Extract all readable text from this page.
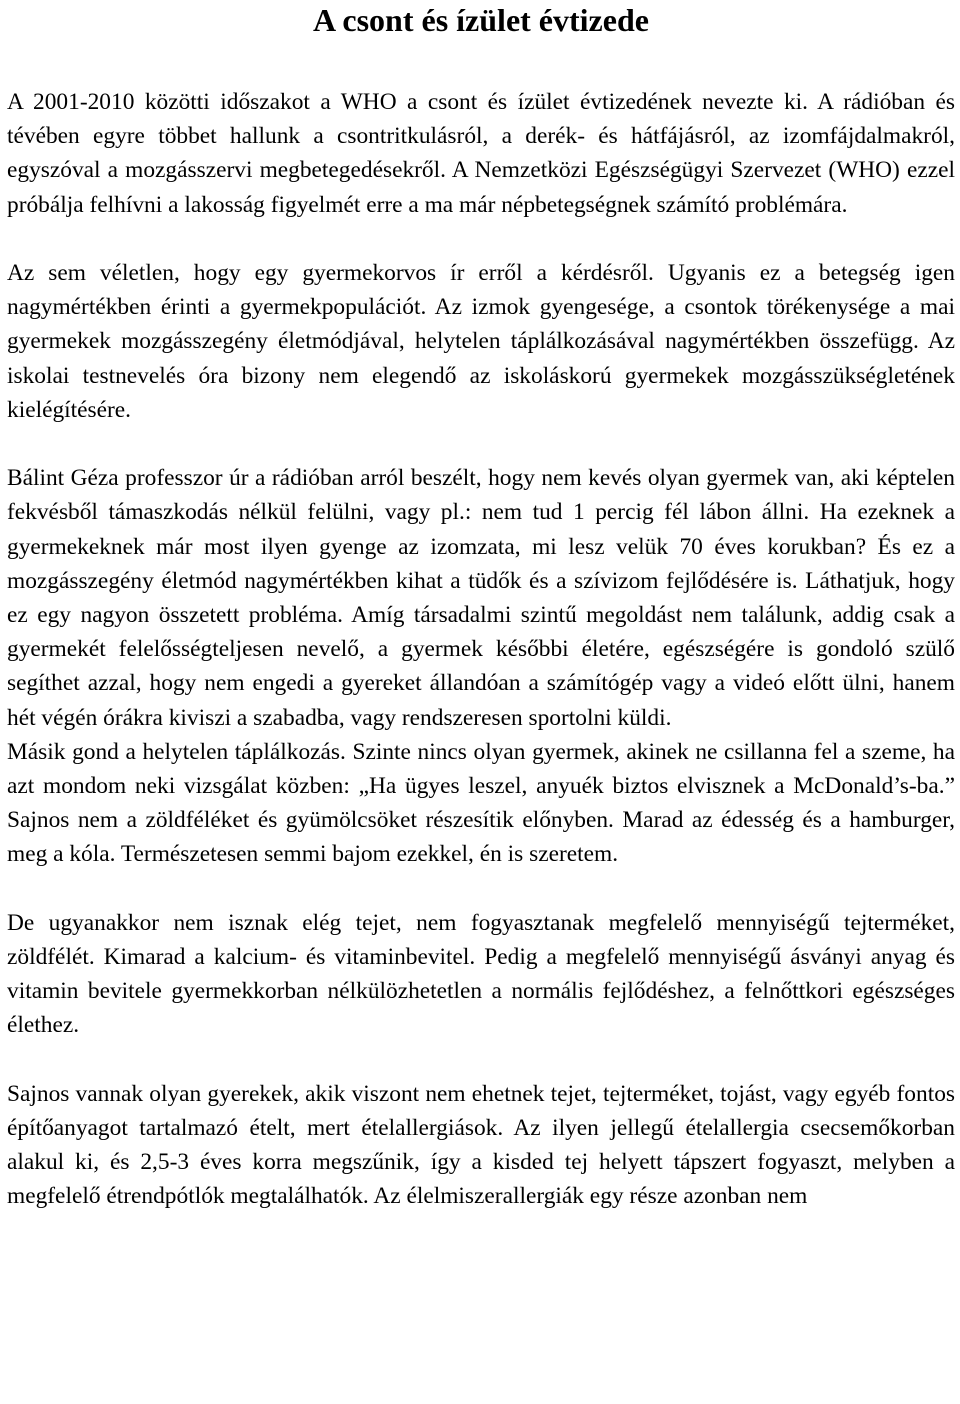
A csont és ízület évtizede

A 2001-2010 közötti időszakot a WHO a csont és ízület évtizedének nevezte ki. A rádióban és tévében egyre többet hallunk a csontritkulásról, a derék- és hátfájásról, az izomfájdalmakról, egyszóval a mozgásszervi megbetegedésekről. A Nemzetközi Egészségügyi Szervezet (WHO) ezzel próbálja felhívni a lakosság figyelmét erre a ma már népbetegségnek számító problémára.

Az sem véletlen, hogy egy gyermekorvos ír erről a kérdésről. Ugyanis ez a betegség igen nagymértékben érinti a gyermekpopulációt. Az izmok gyengesége, a csontok törékenysége a mai gyermekek mozgásszegény életmódjával, helytelen táplálkozásával nagymértékben összefügg. Az iskolai testnevelés óra bizony nem elegendő az iskoláskorú gyermekek mozgásszükségletének kielégítésére.

Bálint Géza professzor úr a rádióban arról beszélt, hogy nem kevés olyan gyermek van, aki képtelen fekvésből támaszkodás nélkül felülni, vagy pl.: nem tud 1 percig fél lábon állni. Ha ezeknek a gyermekeknek már most ilyen gyenge az izomzata, mi lesz velük 70 éves korukban? És ez a mozgásszegény életmód nagymértékben kihat a tüdők és a szívizom fejlődésére is. Láthatjuk, hogy ez egy nagyon összetett probléma. Amíg társadalmi szintű megoldást nem találunk, addig csak a gyermekét felelősségteljesen nevelő, a gyermek későbbi életére, egészségére is gondoló szülő segíthet azzal, hogy nem engedi a gyereket állandóan a számítógép vagy a videó előtt ülni, hanem hét végén órákra kiviszi a szabadba, vagy rendszeresen sportolni küldi.

Másik gond a helytelen táplálkozás. Szinte nincs olyan gyermek, akinek ne csillanna fel a szeme, ha azt mondom neki vizsgálat közben: „Ha ügyes leszel, anyuék biztos elvisznek a McDonald’s-ba.” Sajnos nem a zöldféléket és gyümölcsöket részesítik előnyben. Marad az édesség és a hamburger, meg a kóla. Természetesen semmi bajom ezekkel, én is szeretem.

De ugyanakkor nem isznak elég tejet, nem fogyasztanak megfelelő mennyiségű tejterméket, zöldfélét. Kimarad a kalcium- és vitaminbevitel. Pedig a megfelelő mennyiségű ásványi anyag és vitamin bevitele gyermekkorban nélkülözhetetlen a normális fejlődéshez, a felnőttkori egészséges élethez.

Sajnos vannak olyan gyerekek, akik viszont nem ehetnek tejet, tejterméket, tojást, vagy egyéb fontos építőanyagot tartalmazó ételt, mert ételallergiások. Az ilyen jellegű ételallergia csecsemőkorban alakul ki, és 2,5-3 éves korra megszűnik, így a kisded tej helyett tápszert fogyaszt, melyben a megfelelő étrendpótlók megtalálhatók. Az élelmiszerallergiák egy része azonban nem
